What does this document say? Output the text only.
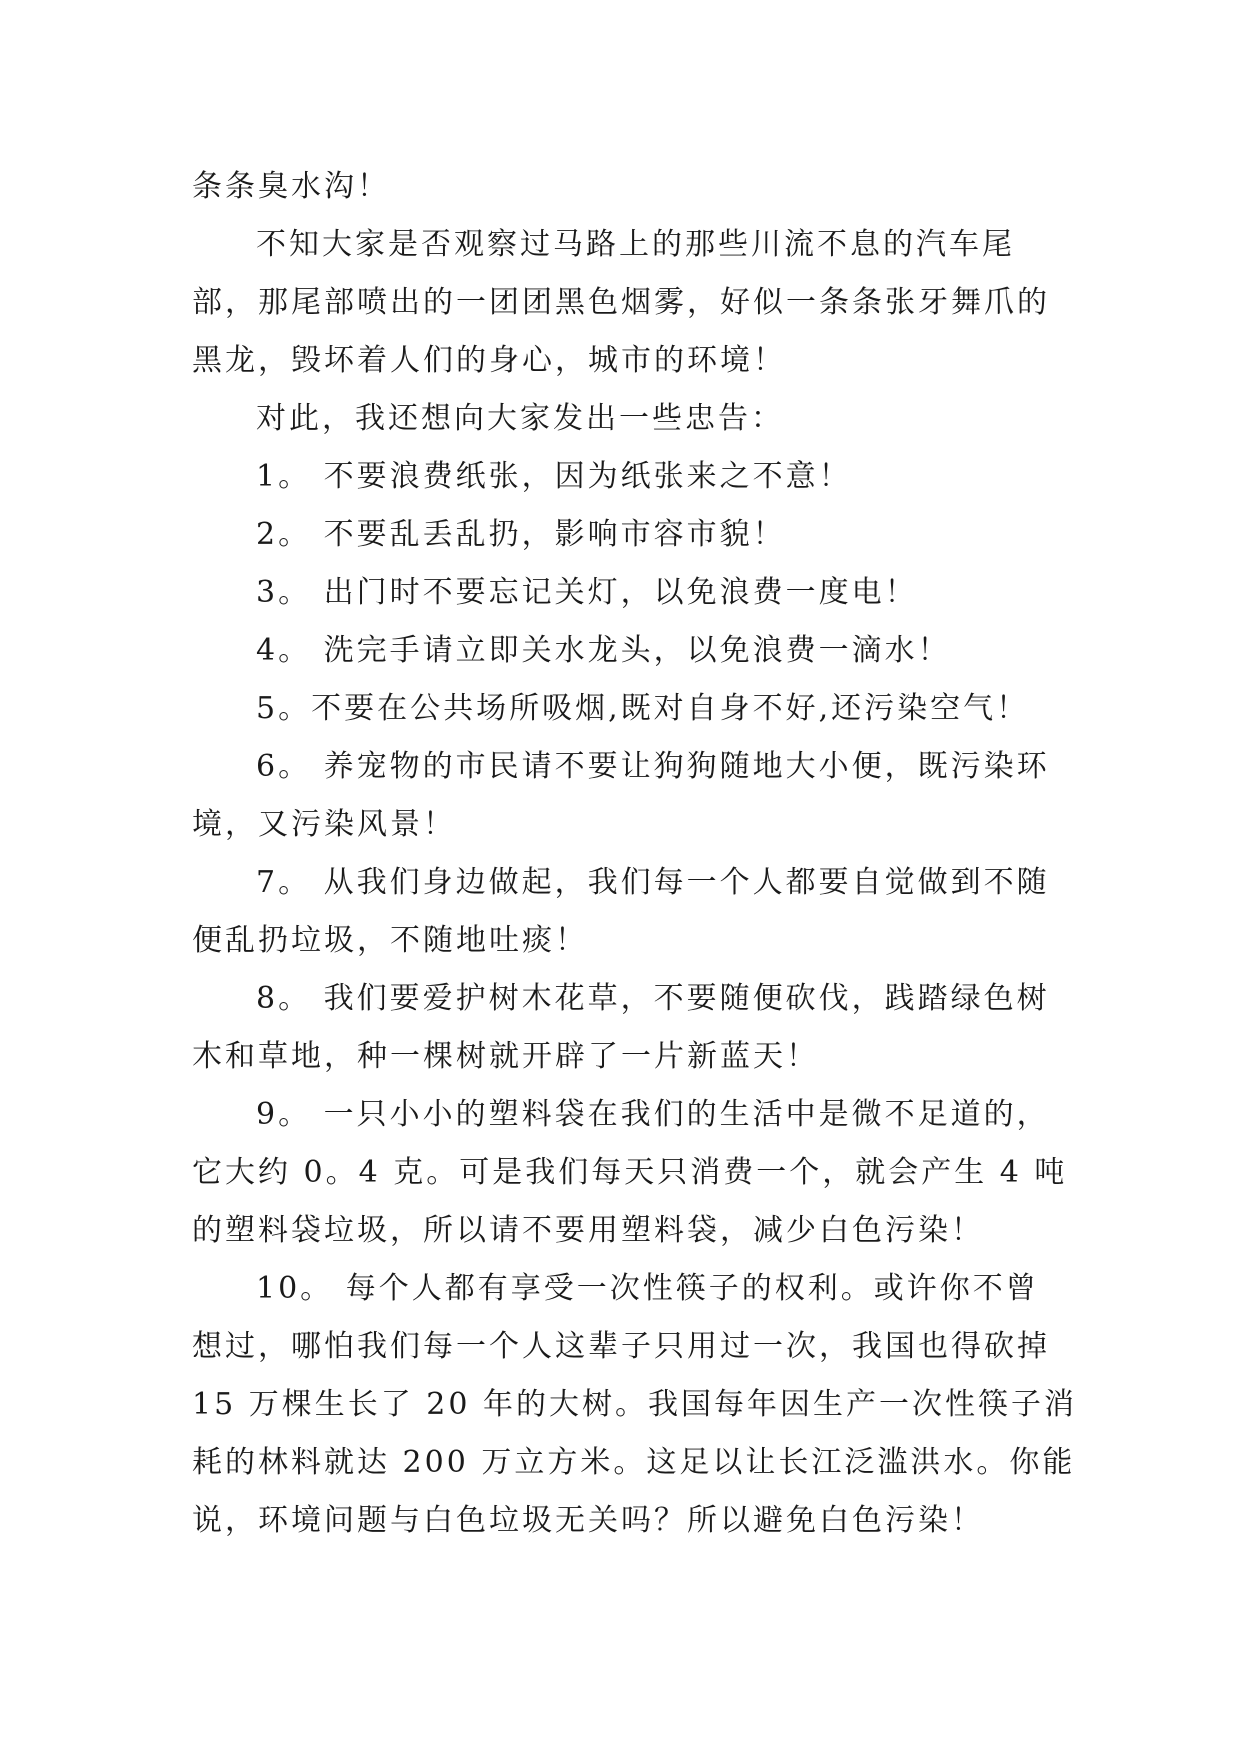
条条臭水沟！
不知大家是否观察过马路上的那些川流不息的汽车尾
部，那尾部喷出的一团团黑色烟雾，好似一条条张牙舞爪的
黑龙，毁坏着人们的身心，城市的环境！
对此，我还想向大家发出一些忠告：
1。 不要浪费纸张，因为纸张来之不意！
2。 不要乱丢乱扔，影响市容市貌！
3。 出门时不要忘记关灯，以免浪费一度电！
4。 洗完手请立即关水龙头，以免浪费一滴水！
5。不要在公共场所吸烟,既对自身不好,还污染空气！
6。 养宠物的市民请不要让狗狗随地大小便，既污染环
境，又污染风景！
7。 从我们身边做起，我们每一个人都要自觉做到不随
便乱扔垃圾，不随地吐痰！
8。 我们要爱护树木花草，不要随便砍伐，践踏绿色树
木和草地，种一棵树就开辟了一片新蓝天！
9。 一只小小的塑料袋在我们的生活中是微不足道的，
它大约 0。4 克。可是我们每天只消费一个，就会产生 4 吨
的塑料袋垃圾，所以请不要用塑料袋，减少白色污染！
10。 每个人都有享受一次性筷子的权利。或许你不曾
想过，哪怕我们每一个人这辈子只用过一次，我国也得砍掉
15 万棵生长了 20 年的大树。我国每年因生产一次性筷子消
耗的林料就达 200 万立方米。这足以让长江泛滥洪水。你能
说，环境问题与白色垃圾无关吗？所以避免白色污染！
